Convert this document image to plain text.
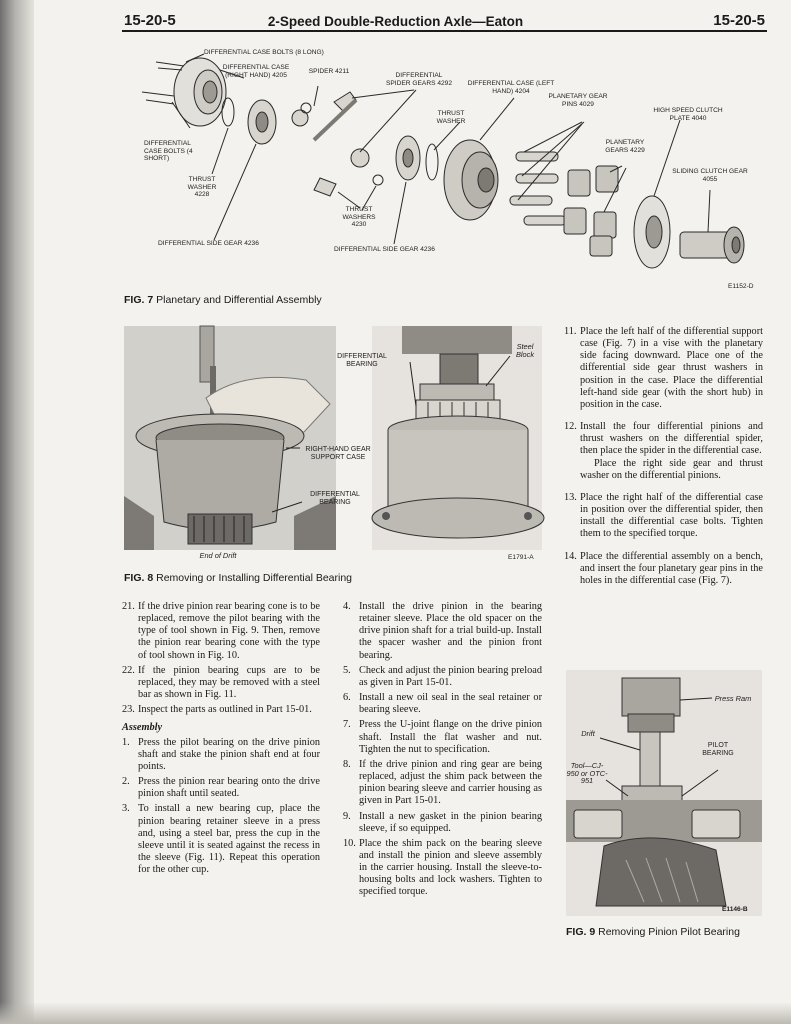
15-20-5	2-Speed Double-Reduction Axle—Eaton	15-20-5
DIFFERENTIAL CASE BOLTS (8 LONG)
DIFFERENTIAL CASE (RIGHT HAND) 4205
SPIDER 4211
DIFFERENTIAL SPIDER GEARS 4292	DIFFERENTIAL CASE (LEFT HAND) 4204
PLANETARY GEAR PINS 4029
HIGH SPEED CLUTCH PLATE 4040
THRUST WASHER
PLANETARY GEARS 4229
SLIDING CLUTCH GEAR 4055
DIFFERENTIAL CASE BOLTS (4 SHORT)
THRUST WASHER 4228
THRUST WASHERS 4230
DIFFERENTIAL SIDE GEAR 4236
DIFFERENTIAL SIDE GEAR 4236
E1152-D
FIG. 7 Planetary and Differential Assembly
DIFFERENTIAL BEARING
Steel Block
RIGHT-HAND GEAR SUPPORT CASE
DIFFERENTIAL BEARING
End of Drift	E1791-A
FIG. 8 Removing or Installing Differential Bearing
Press Ram
Drift
PILOT BEARING
Tool—CJ-950 or OTC-951
E1146-B
FIG. 9 Removing Pinion Pilot Bearing
11. Place the left half of the differential support case (Fig. 7) in a vise with the planetary side facing downward. Place one of the differential side gear thrust washers in position in the case. Place the differential left-hand side gear (with the short hub) in position in the case.
12. Install the four differential pinions and thrust washers on the differential spider, then place the spider in the differential case.
Place the right side gear and thrust washer on the differential pinions.
13. Place the right half of the differential case in position over the differential spider, then install the differential case bolts. Tighten them to the specified torque.
14. Place the differential assembly on a bench, and insert the four planetary gear pins in the holes in the differential case (Fig. 7).
21. If the drive pinion rear bearing cone is to be replaced, remove the pilot bearing with the type of tool shown in Fig. 9. Then, remove the pinion rear bearing cone with the type of tool shown in Fig. 10.
22. If the pinion bearing cups are to be replaced, they may be removed with a steel bar as shown in Fig. 11.
23. Inspect the parts as outlined in Part 15-01.
Assembly
1. Press the pilot bearing on the drive pinion shaft and stake the pinion shaft end at four points.
2. Press the pinion rear bearing onto the drive pinion shaft until seated.
3. To install a new bearing cup, place the pinion bearing retainer sleeve in a press and, using a steel bar, press the cup in the sleeve until it is seated against the recess in the sleeve (Fig. 11). Repeat this operation for the other cup.
4. Install the drive pinion in the bearing retainer sleeve. Place the old spacer on the drive pinion shaft for a trial build-up. Install the spacer washer and the pinion front bearing.
5. Check and adjust the pinion bearing preload as given in Part 15-01.
6. Install a new oil seal in the seal retainer or bearing sleeve.
7. Press the U-joint flange on the drive pinion shaft. Install the flat washer and nut. Tighten the nut to specification.
8. If the drive pinion and ring gear are being replaced, adjust the shim pack between the pinion bearing sleeve and carrier housing as given in Part 15-01.
9. Install a new gasket in the pinion bearing sleeve, if so equipped.
10. Place the shim pack on the bearing sleeve and install the pinion and sleeve assembly in the carrier housing. Install the sleeve-to-housing bolts and lock washers. Tighten to specified torque.
